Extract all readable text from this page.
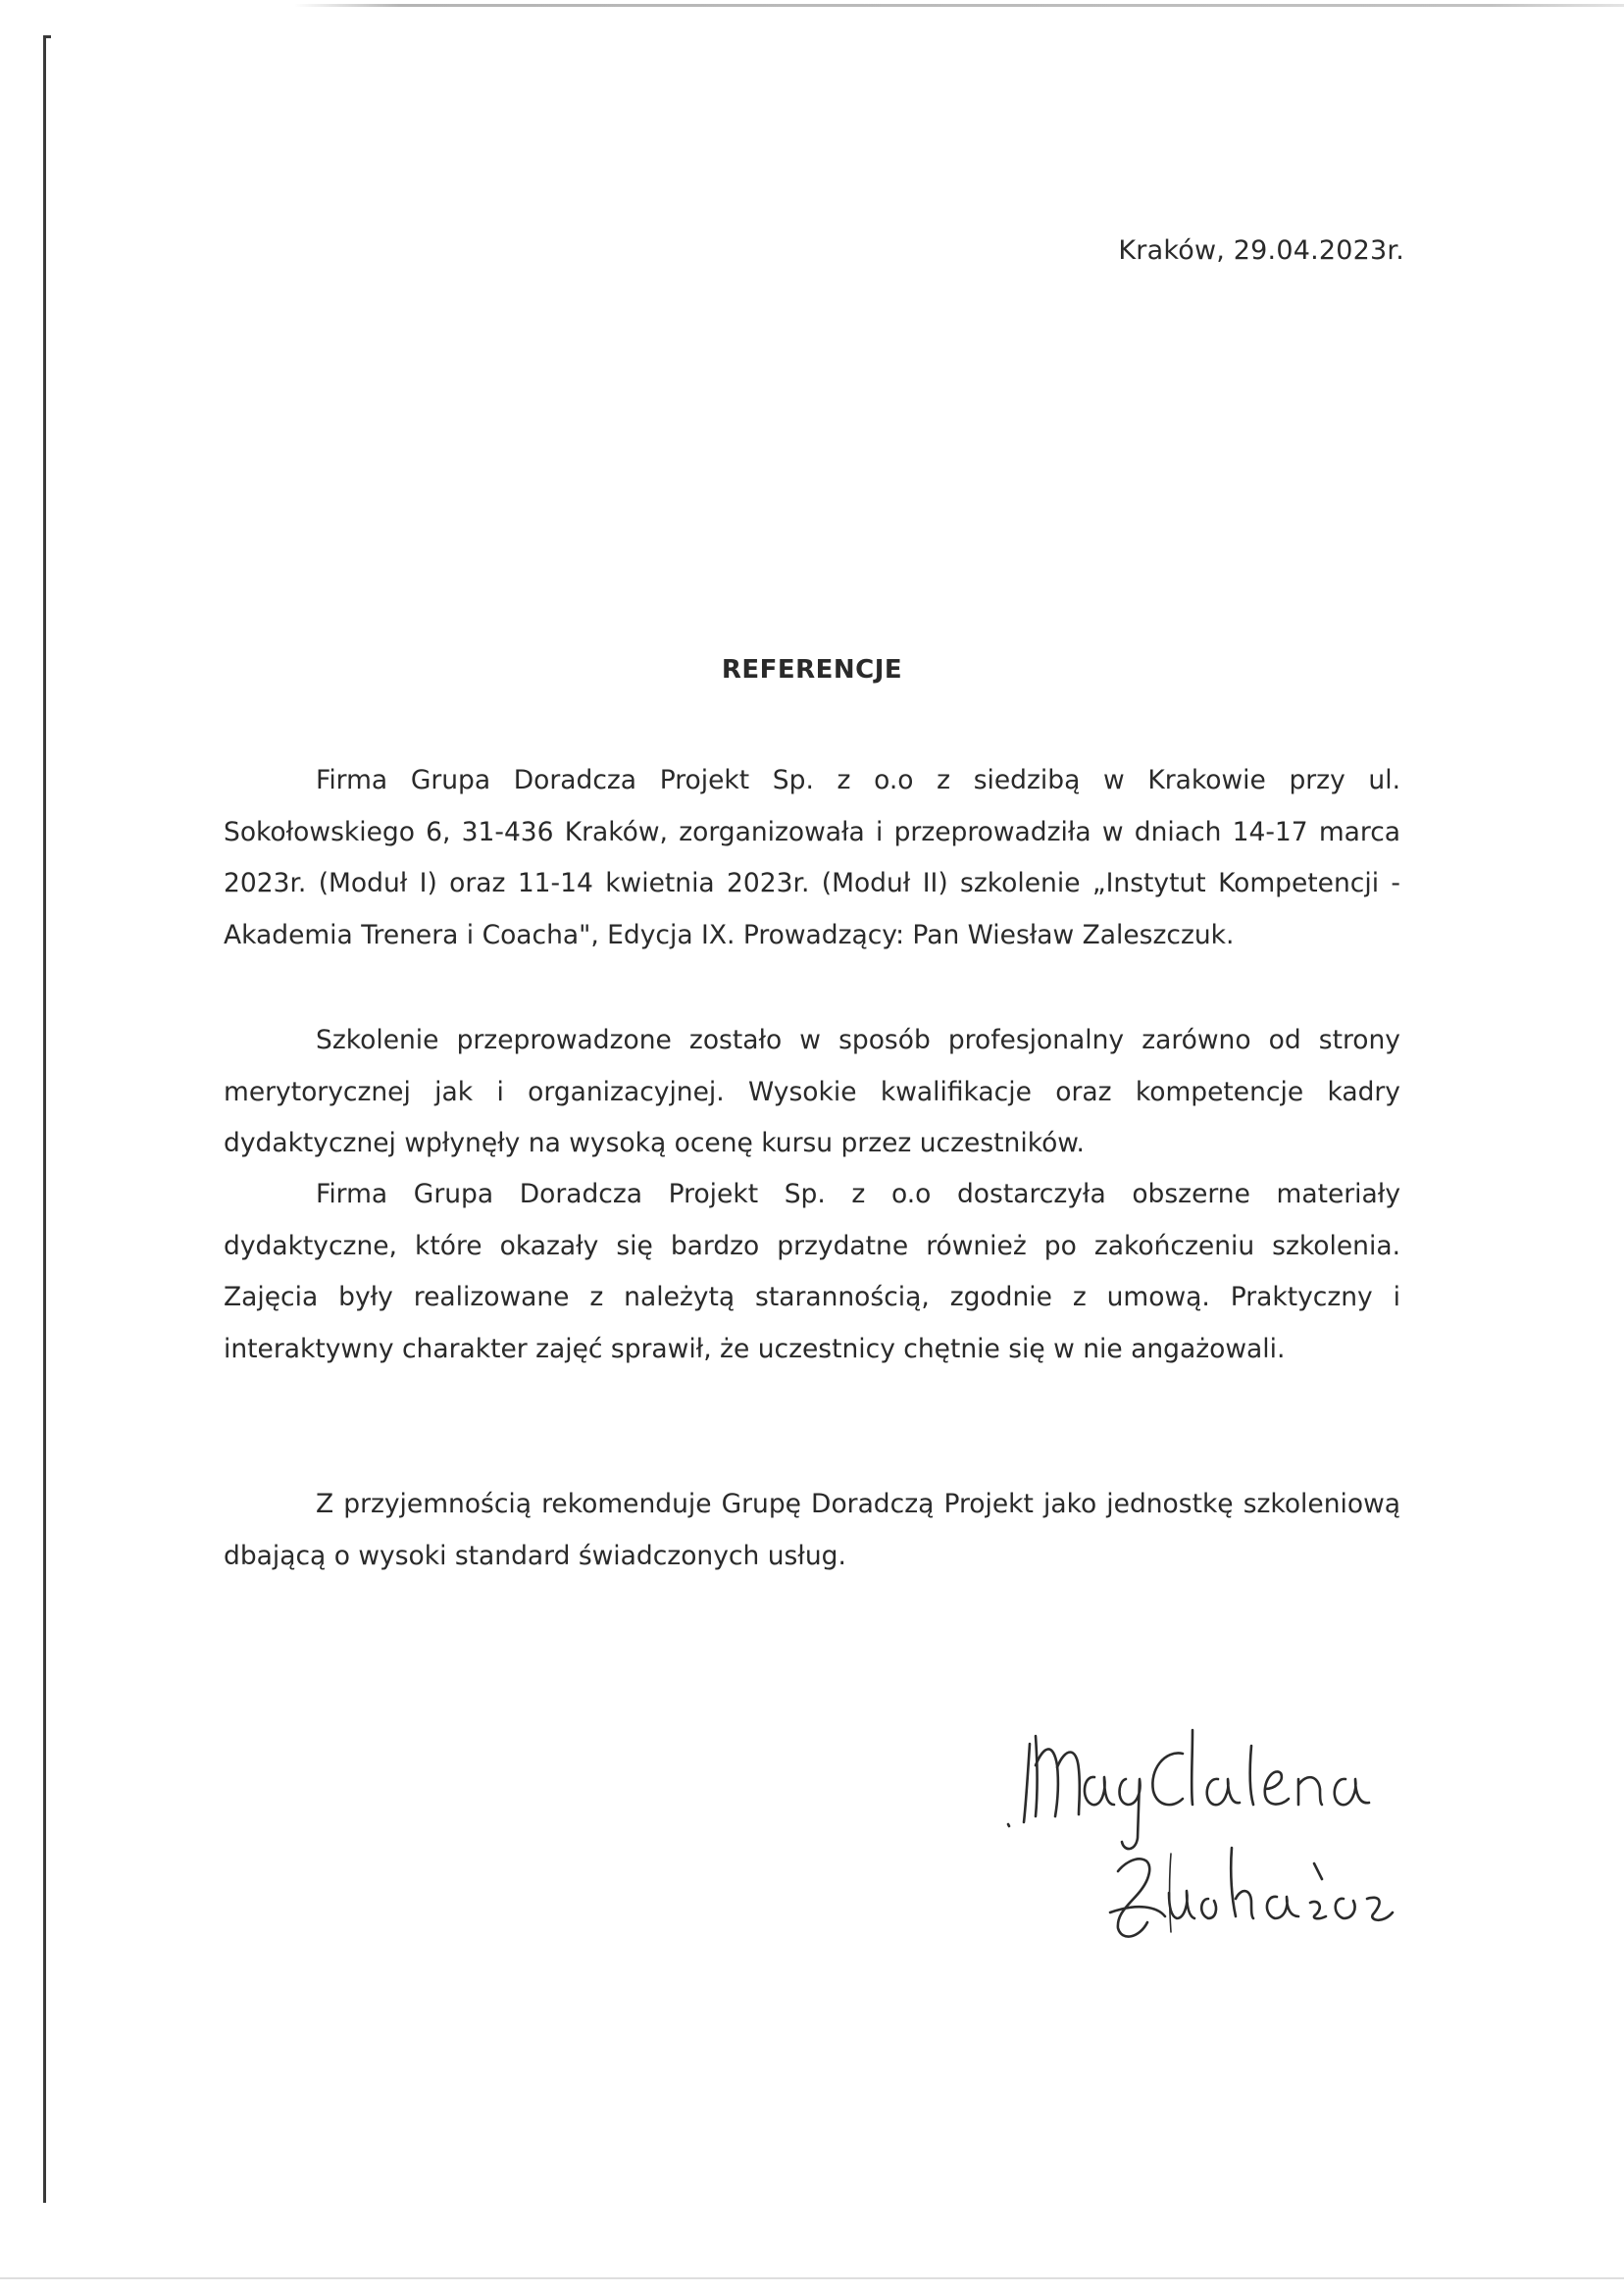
Kraków, 29.04.2023r.
REFERENCJE

Firma Grupa Doradcza Projekt Sp. z o.o z siedzibą w Krakowie przy ul. Sokołowskiego 6, 31-436 Kraków, zorganizowała i przeprowadziła w dniach 14-17 marca 2023r. (Moduł I) oraz 11-14 kwietnia 2023r. (Moduł II) szkolenie „Instytut Kompetencji - Akademia Trenera i Coacha", Edycja IX. Prowadzący: Pan Wiesław Zaleszczuk.

Szkolenie przeprowadzone zostało w sposób profesjonalny zarówno od strony merytorycznej jak i organizacyjnej. Wysokie kwalifikacje oraz kompetencje kadry dydaktycznej wpłynęły na wysoką ocenę kursu przez uczestników.

Firma Grupa Doradcza Projekt Sp. z o.o dostarczyła obszerne materiały dydaktyczne, które okazały się bardzo przydatne również po zakończeniu szkolenia. Zajęcia były realizowane z należytą starannością, zgodnie z umową. Praktyczny i interaktywny charakter zajęć sprawił, że uczestnicy chętnie się w nie angażowali.

Z przyjemnością rekomenduje Grupę Doradczą Projekt jako jednostkę szkoleniową dbającą o wysoki standard świadczonych usług.
